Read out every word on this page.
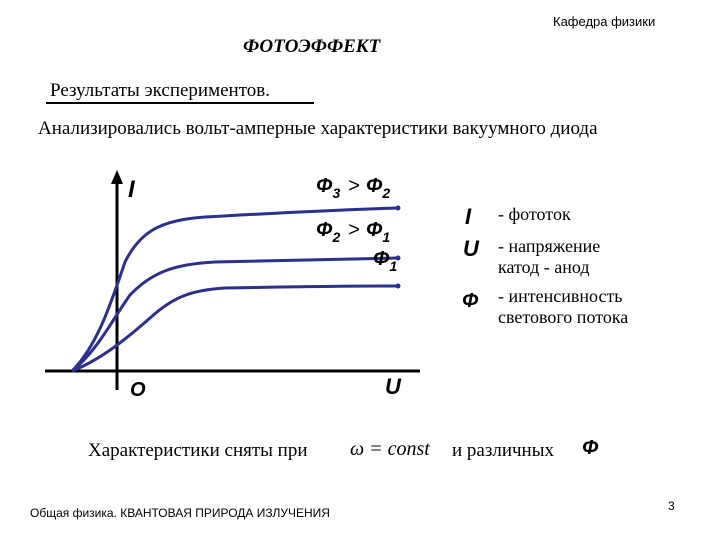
Кафедра физики
ФОТОЭФФЕКТ
Результаты экспериментов.
Анализировались вольт-амперные характеристики вакуумного диода
I
O	U
$\Phi_3 > \Phi_2$
$\Phi_2 > \Phi_1$
$\Phi_1$
I
U
Φ
- фототок
- напряжение катод - анод
- интенсивность светового потока
Характеристики сняты при ω = const и различных Φ
Общая физика. КВАНТОВАЯ ПРИРОДА ИЗЛУЧЕНИЯ	3
